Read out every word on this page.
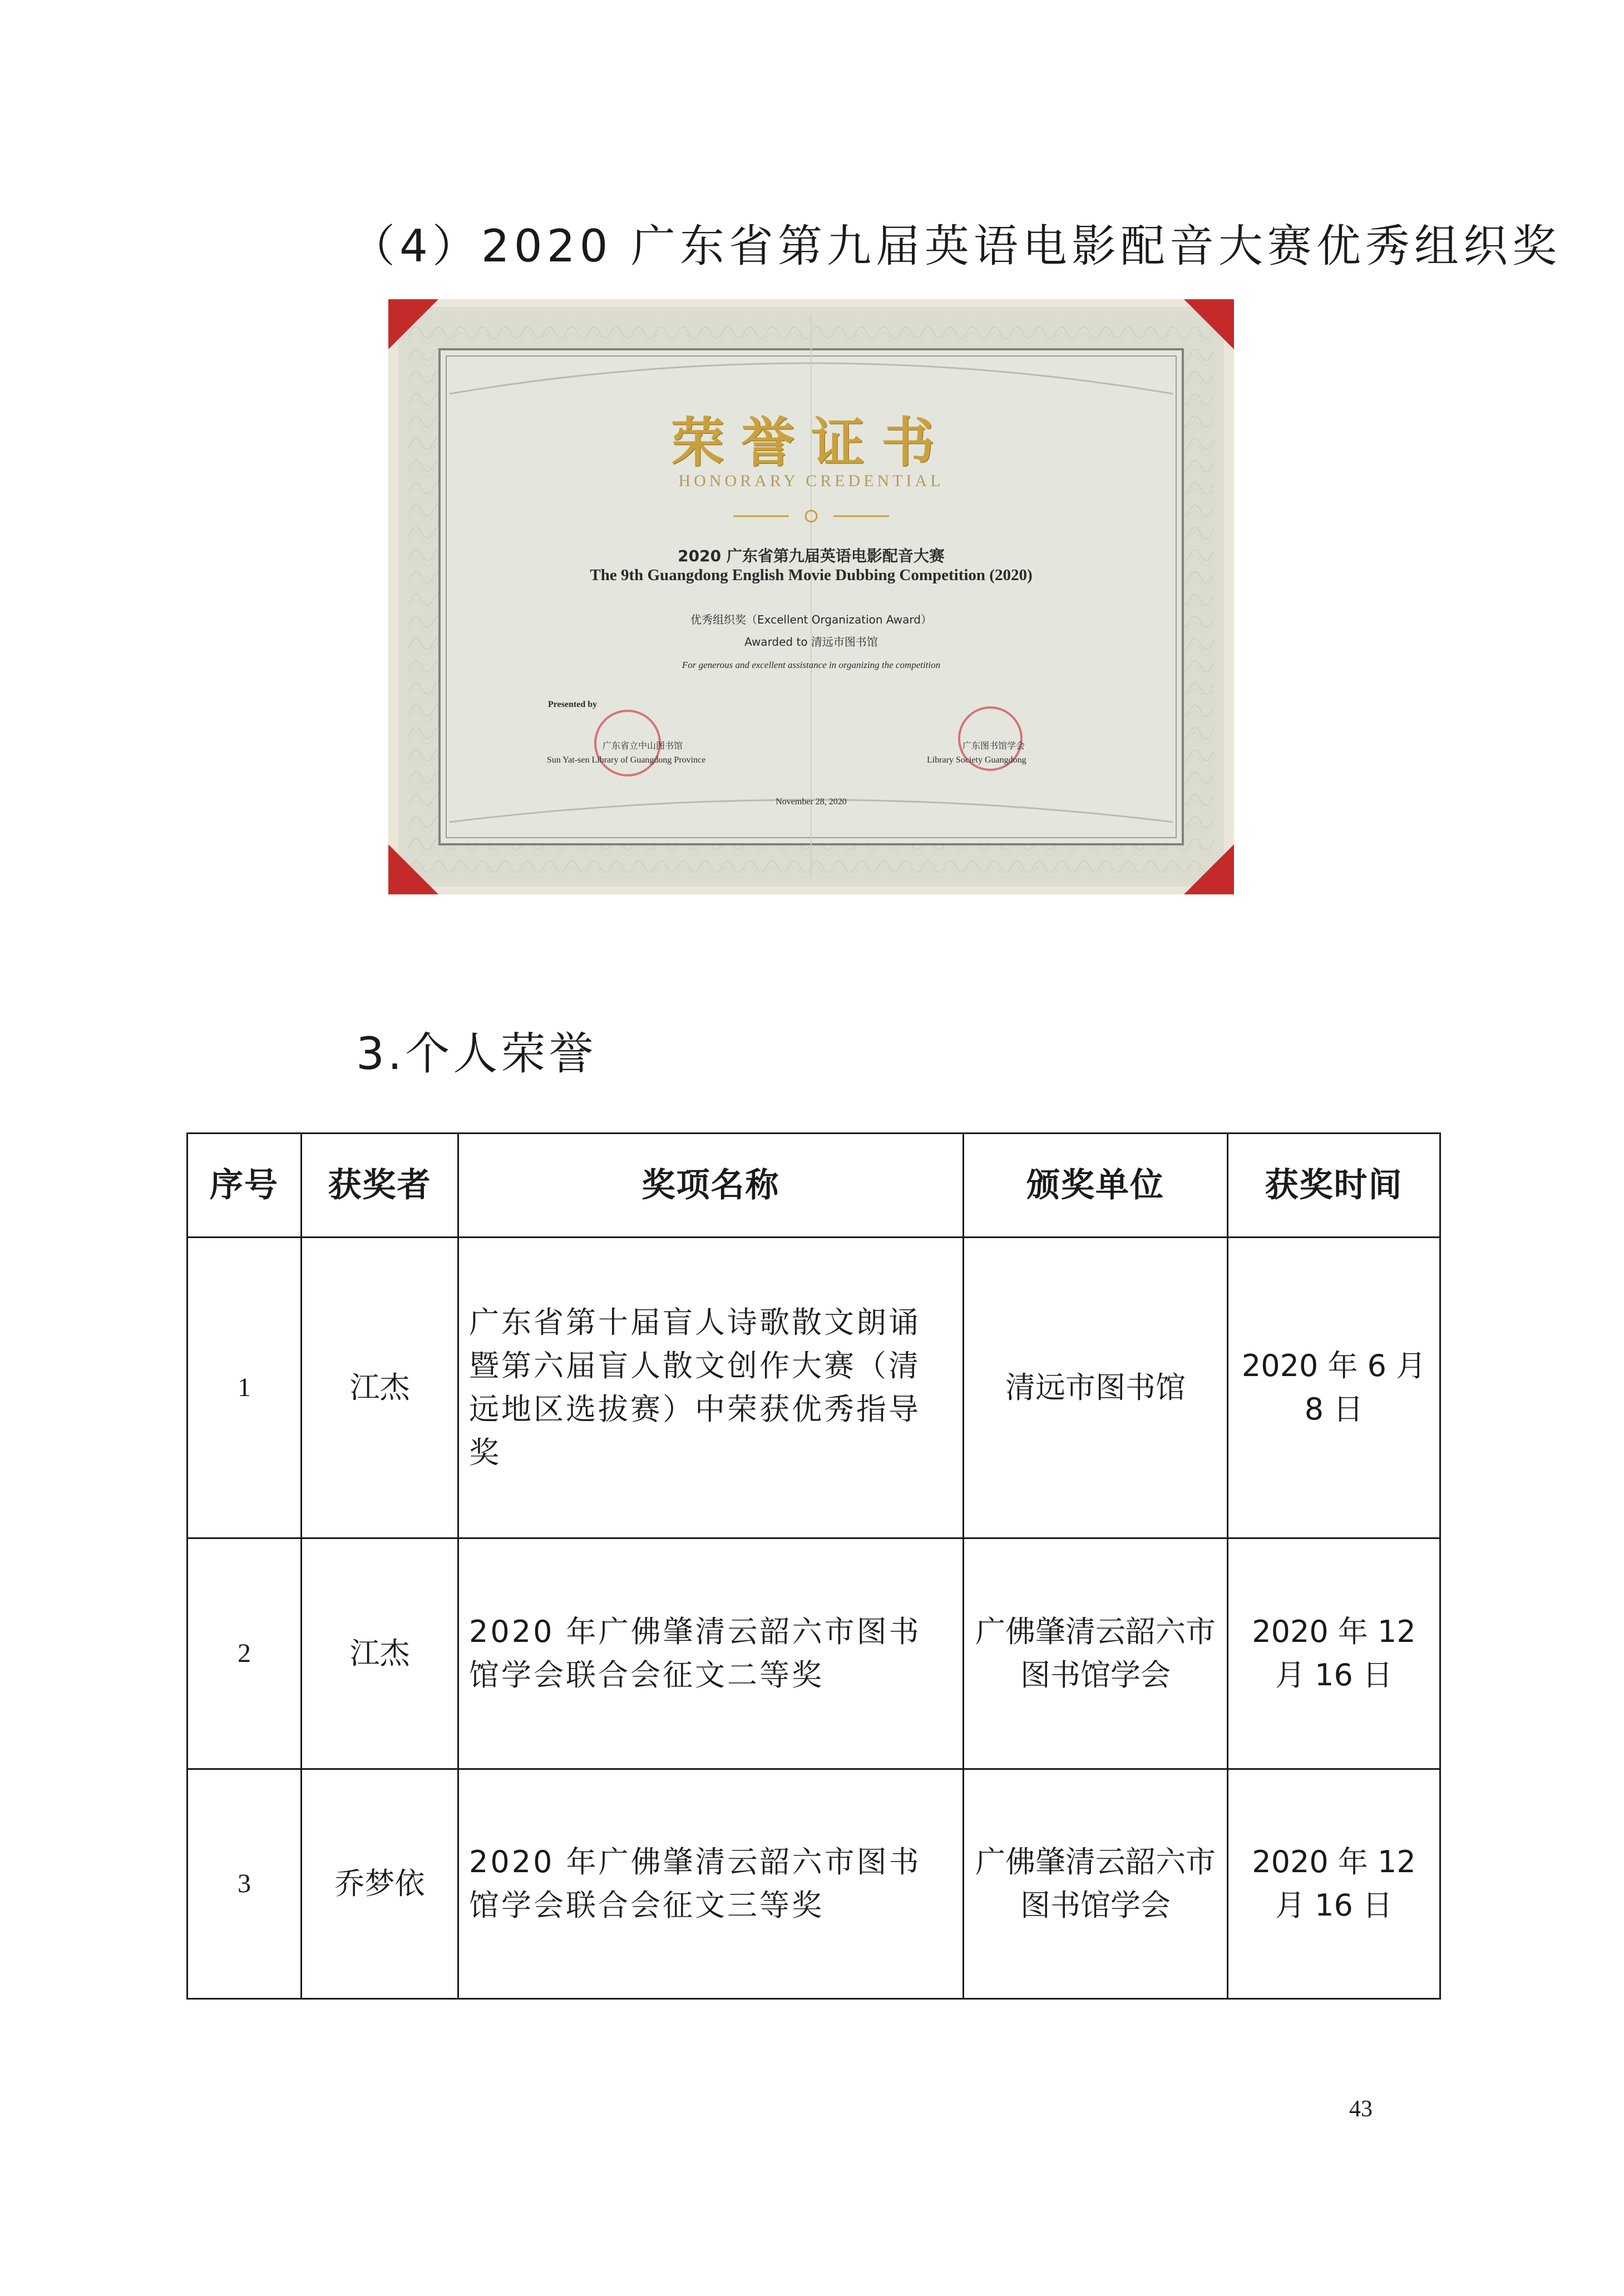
（4）2020 广东省第九届英语电影配音大赛优秀组织奖
荣誉证书
HONORARY CREDENTIAL
2020 广东省第九届英语电影配音大赛
The 9th Guangdong English Movie Dubbing Competition (2020)
优秀组织奖（Excellent Organization Award）
Awarded to 清远市图书馆
For generous and excellent assistance in organizing the competition
Presented by
广东省立中山图书馆
Sun Yat-sen Library of Guangdong Province
广东图书馆学会
Library Society Guangdong
November 28, 2020
3.个人荣誉
序号	获奖者	奖项名称	颁奖单位	获奖时间
1	江杰	广东省第十届盲人诗歌散文朗诵暨第六届盲人散文创作大赛（清远地区选拔赛）中荣获优秀指导奖	清远市图书馆	2020 年 6 月 8 日
2	江杰	2020 年广佛肇清云韶六市图书馆学会联合会征文二等奖	广佛肇清云韶六市图书馆学会	2020 年 12 月 16 日
3	乔梦依	2020 年广佛肇清云韶六市图书馆学会联合会征文三等奖	广佛肇清云韶六市图书馆学会	2020 年 12 月 16 日
43
